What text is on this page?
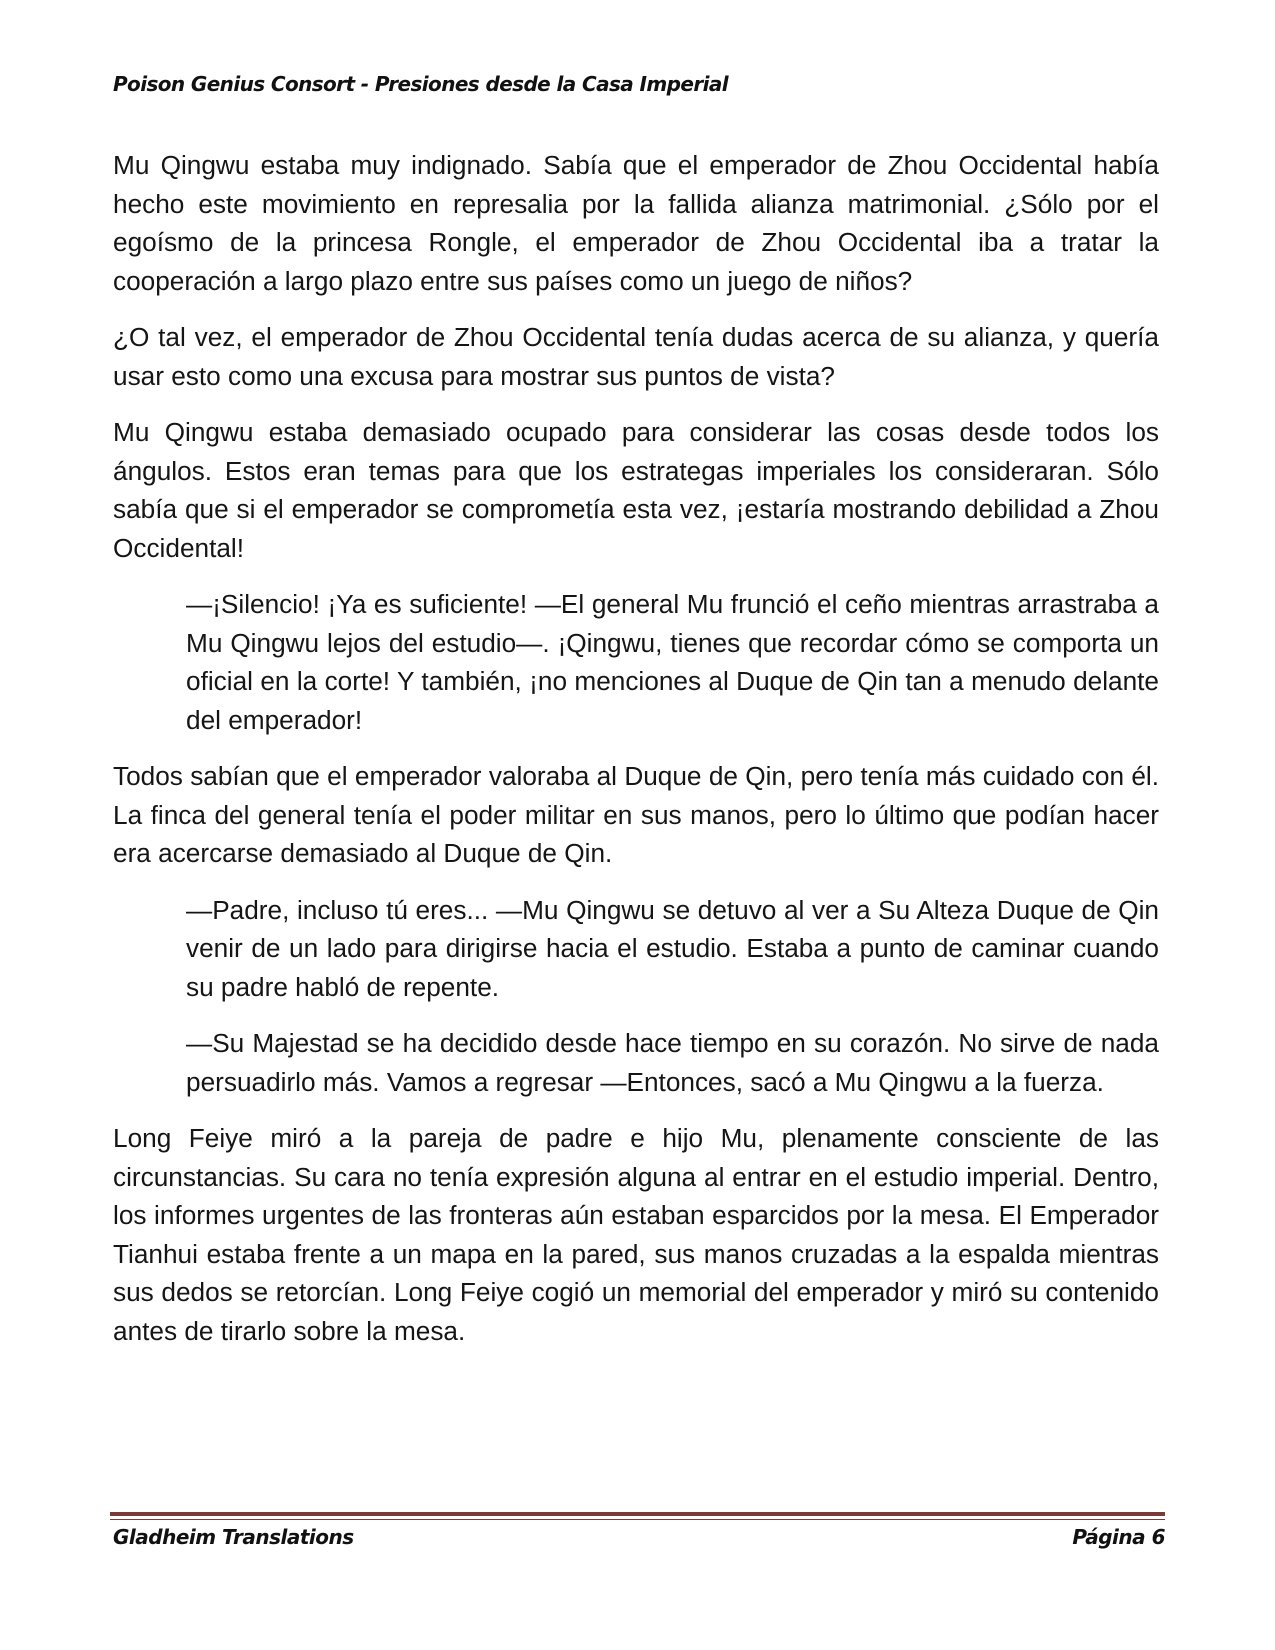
Poison Genius Consort - Presiones desde la Casa Imperial

Mu Qingwu estaba muy indignado. Sabía que el emperador de Zhou Occidental había hecho este movimiento en represalia por la fallida alianza matrimonial. ¿Sólo por el egoísmo de la princesa Rongle, el emperador de Zhou Occidental iba a tratar la cooperación a largo plazo entre sus países como un juego de niños?

¿O tal vez, el emperador de Zhou Occidental tenía dudas acerca de su alianza, y quería usar esto como una excusa para mostrar sus puntos de vista?

Mu Qingwu estaba demasiado ocupado para considerar las cosas desde todos los ángulos. Estos eran temas para que los estrategas imperiales los consideraran. Sólo sabía que si el emperador se comprometía esta vez, ¡estaría mostrando debilidad a Zhou Occidental!

—¡Silencio! ¡Ya es suficiente! —El general Mu frunció el ceño mientras arrastraba a Mu Qingwu lejos del estudio—. ¡Qingwu, tienes que recordar cómo se comporta un oficial en la corte! Y también, ¡no menciones al Duque de Qin tan a menudo delante del emperador!

Todos sabían que el emperador valoraba al Duque de Qin, pero tenía más cuidado con él. La finca del general tenía el poder militar en sus manos, pero lo último que podían hacer era acercarse demasiado al Duque de Qin.

—Padre, incluso tú eres... —Mu Qingwu se detuvo al ver a Su Alteza Duque de Qin venir de un lado para dirigirse hacia el estudio. Estaba a punto de caminar cuando su padre habló de repente.

—Su Majestad se ha decidido desde hace tiempo en su corazón. No sirve de nada persuadirlo más. Vamos a regresar —Entonces, sacó a Mu Qingwu a la fuerza.

Long Feiye miró a la pareja de padre e hijo Mu, plenamente consciente de las circunstancias. Su cara no tenía expresión alguna al entrar en el estudio imperial. Dentro, los informes urgentes de las fronteras aún estaban esparcidos por la mesa. El Emperador Tianhui estaba frente a un mapa en la pared, sus manos cruzadas a la espalda mientras sus dedos se retorcían. Long Feiye cogió un memorial del emperador y miró su contenido antes de tirarlo sobre la mesa.

Gladheim Translations	Página 6
